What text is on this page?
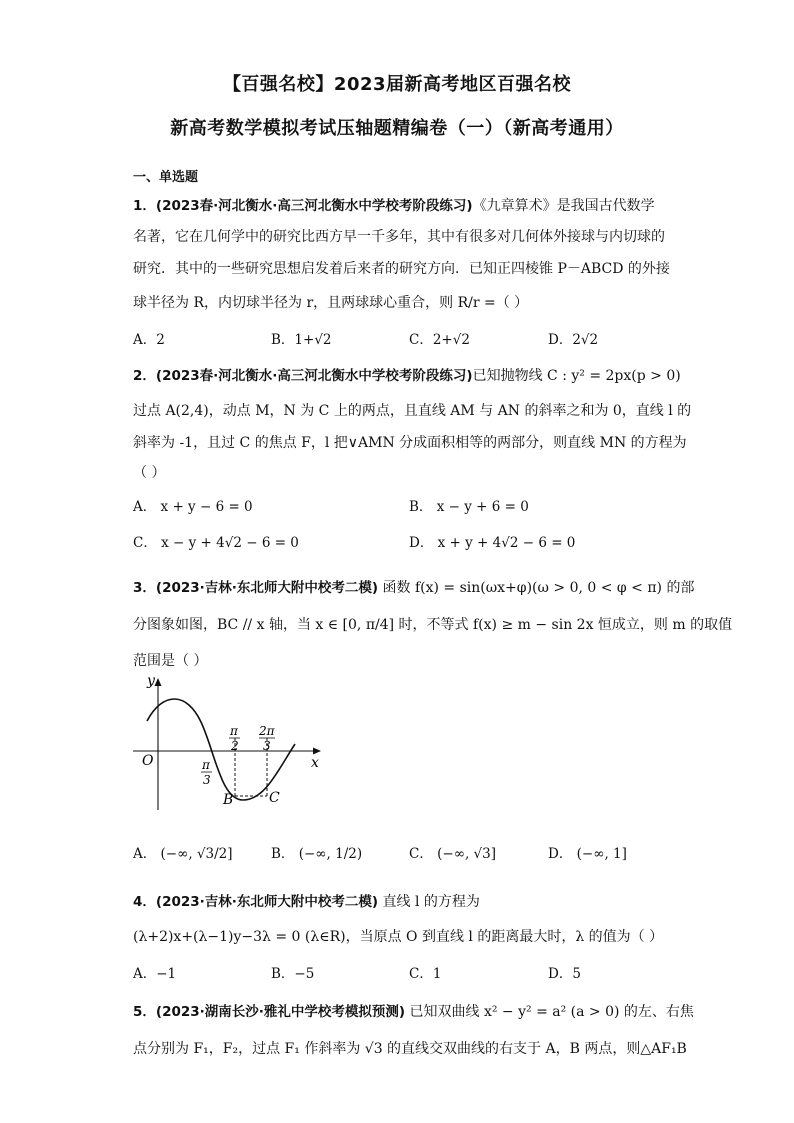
【百强名校】2023届新高考地区百强名校
新高考数学模拟考试压轴题精编卷（一）（新高考通用）
一、单选题
1．(2023春·河北衡水·高三河北衡水中学校考阶段练习)《九章算术》是我国古代数学
名著，它在几何学中的研究比西方早一千多年，其中有很多对几何体外接球与内切球的
研究．其中的一些研究思想启发着后来者的研究方向．已知正四棱锥 P－ABCD 的外接
球半径为 R，内切球半径为 r，且两球球心重合，则 R/r =（ ）
A．2	B．1+√2	C．2+√2	D．2√2
2．(2023春·河北衡水·高三河北衡水中学校考阶段练习)已知抛物线 C : y² = 2px(p > 0)
过点 A(2,4)，动点 M，N 为 C 上的两点，且直线 AM 与 AN 的斜率之和为 0，直线 l 的
斜率为 -1，且过 C 的焦点 F，l 把∨AMN 分成面积相等的两部分，则直线 MN 的方程为
（ ）
A． x + y − 6 = 0	B． x − y + 6 = 0
C． x − y + 4√2 − 6 = 0	D． x + y + 4√2 − 6 = 0
3．(2023·吉林·东北师大附中校考二模) 函数 f(x) = sin(ωx+φ)(ω > 0, 0 < φ < π) 的部
分图象如图，BC // x 轴，当 x ∈ [0, π/4] 时，不等式 f(x) ≥ m − sin 2x 恒成立，则 m 的取值
范围是（ ）
y
x
O
π
2
2π
3
π
3
B	C
A． (−∞, √3/2]	B． (−∞, 1/2)	C． (−∞, √3]	D． (−∞, 1]
4．(2023·吉林·东北师大附中校考二模) 直线 l 的方程为
(λ+2)x+(λ−1)y−3λ = 0 (λ∈R)，当原点 O 到直线 l 的距离最大时，λ 的值为（ ）
A．−1	B．−5	C．1	D．5
5．(2023·湖南长沙·雅礼中学校考模拟预测) 已知双曲线 x² − y² = a² (a > 0) 的左、右焦
点分别为 F₁，F₂，过点 F₁ 作斜率为 √3 的直线交双曲线的右支于 A，B 两点，则△AF₁B
